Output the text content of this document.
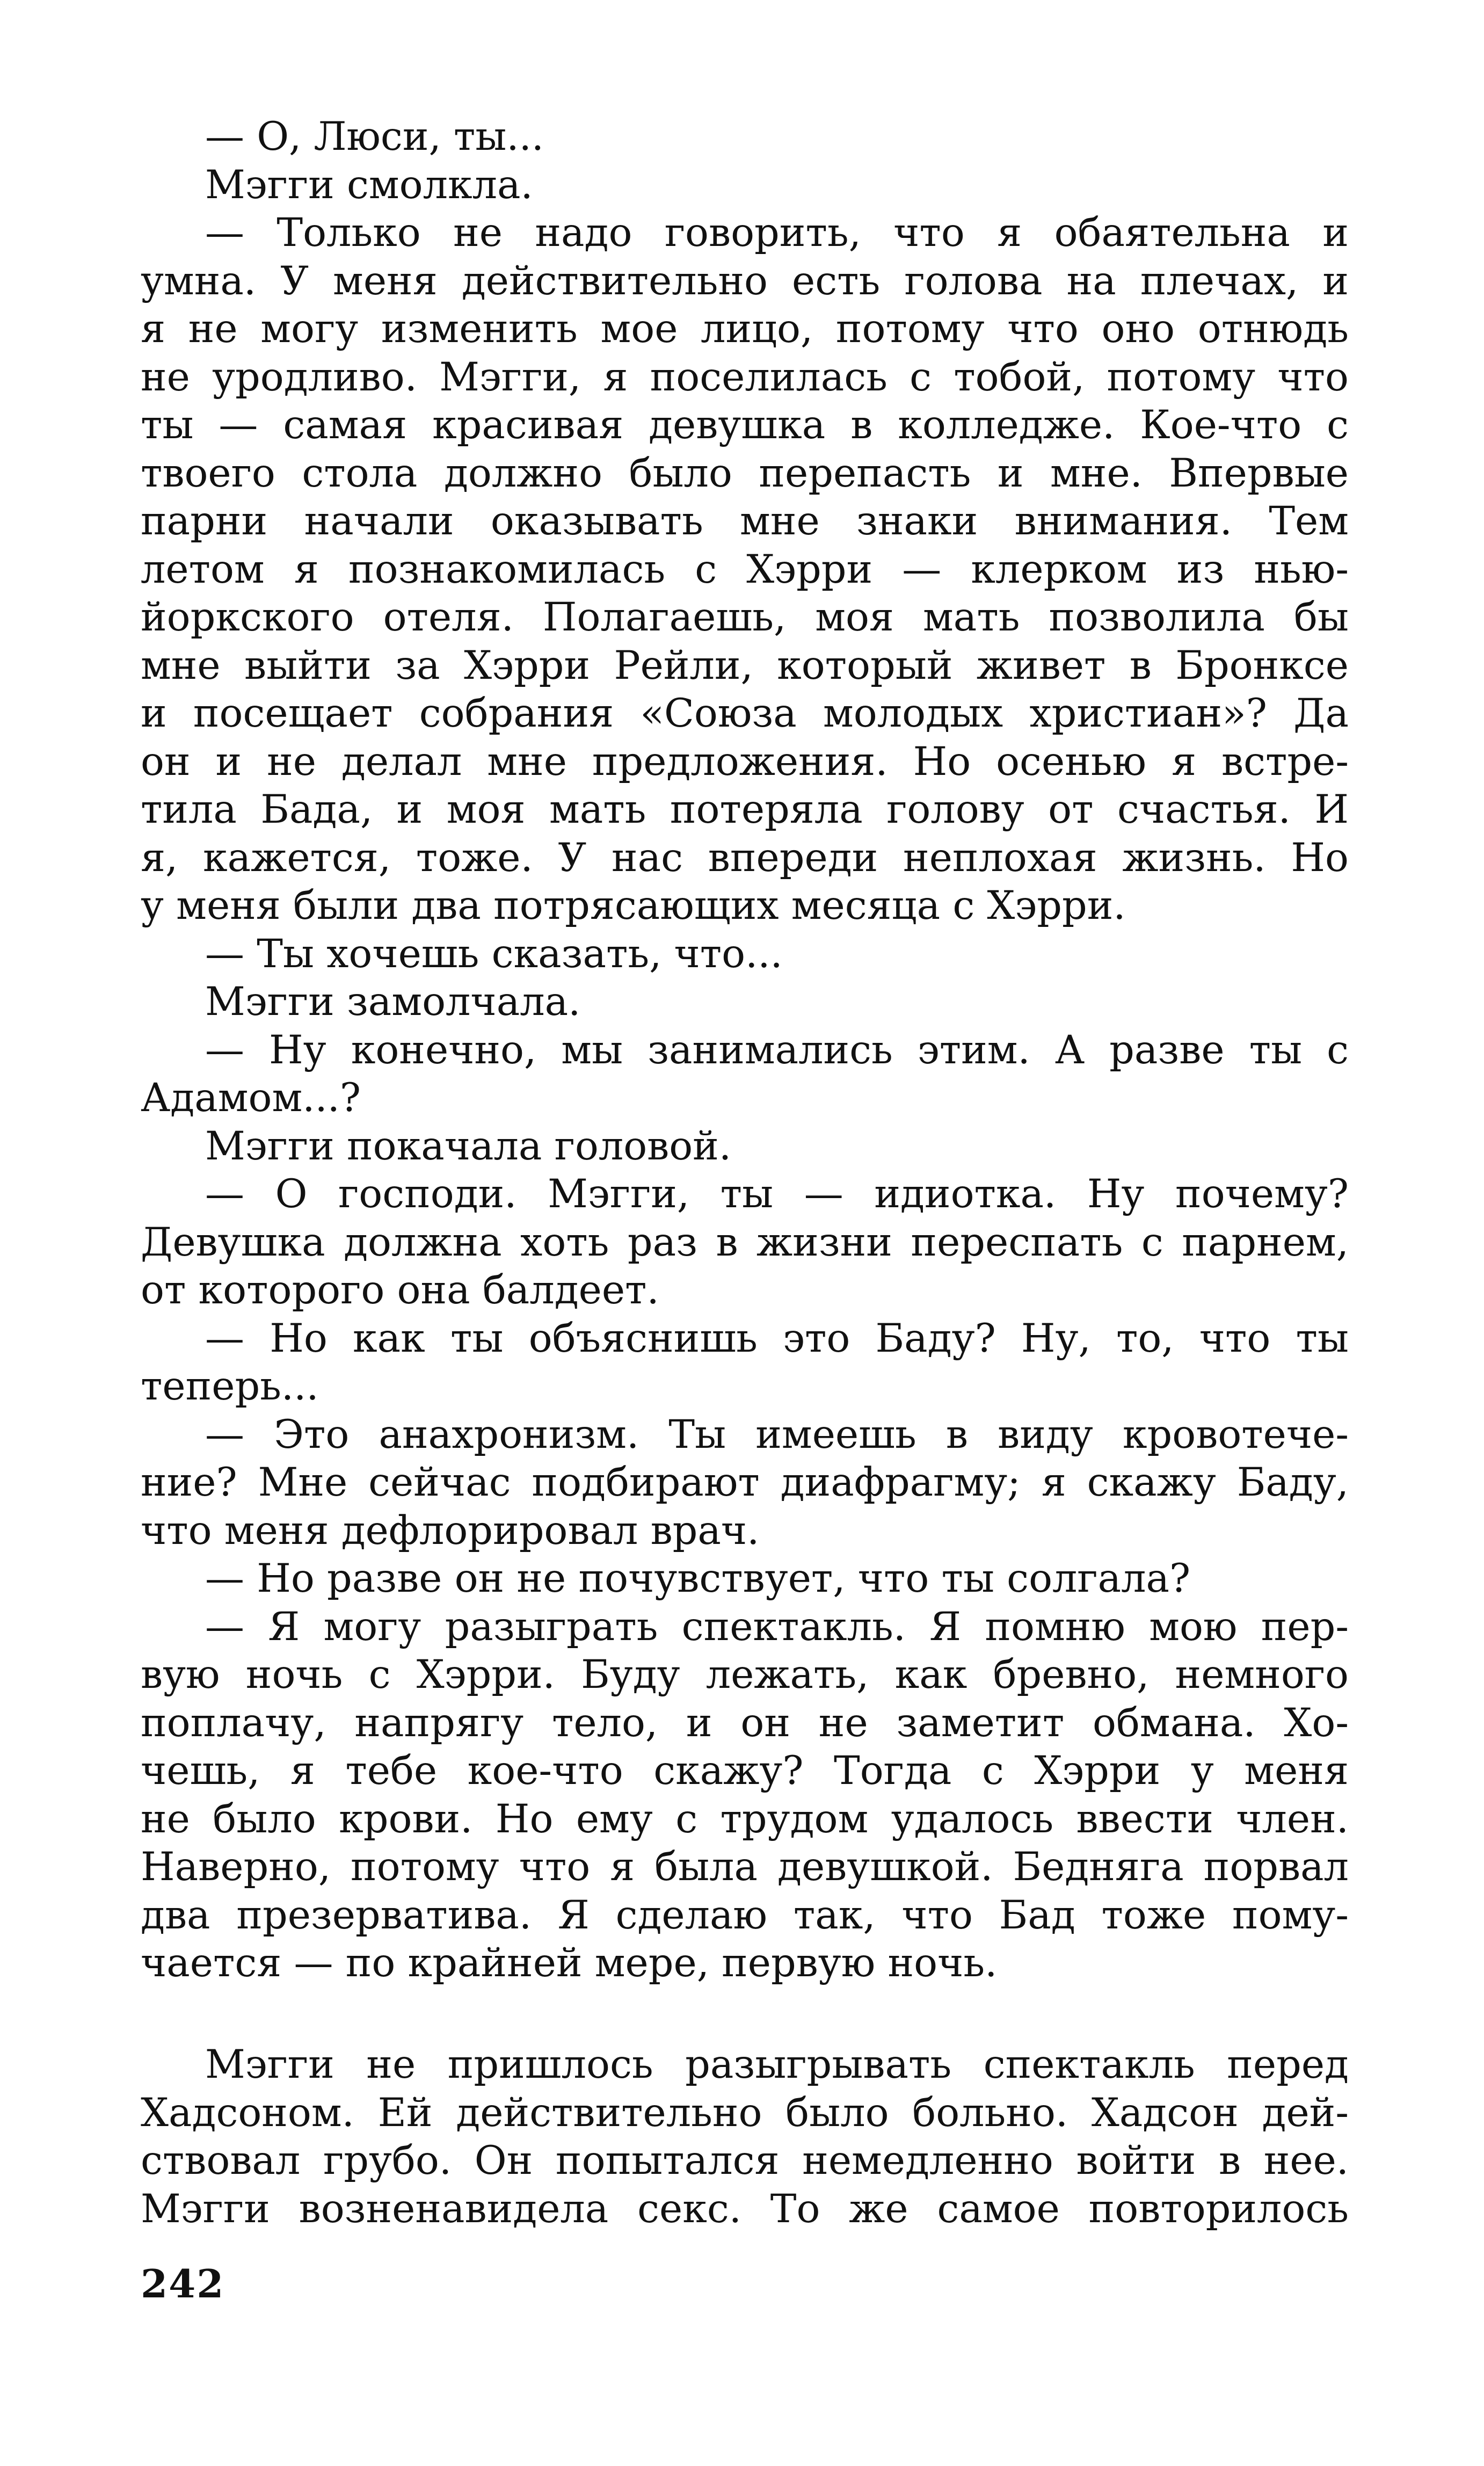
— О, Люси, ты...
Мэгги смолкла.
— Только не надо говорить, что я обаятельна и
умна. У меня действительно есть голова на плечах, и
я не могу изменить мое лицо, потому что оно отнюдь
не уродливо. Мэгги, я поселилась с тобой, потому что
ты — самая красивая девушка в колледже. Кое-что с
твоего стола должно было перепасть и мне. Впервые
парни начали оказывать мне знаки внимания. Тем
летом я познакомилась с Хэрри — клерком из нью-
йоркского отеля. Полагаешь, моя мать позволила бы
мне выйти за Хэрри Рейли, который живет в Бронксе
и посещает собрания «Союза молодых христиан»? Да
он и не делал мне предложения. Но осенью я встре-
тила Бада, и моя мать потеряла голову от счастья. И
я, кажется, тоже. У нас впереди неплохая жизнь. Но
у меня были два потрясающих месяца с Хэрри.
— Ты хочешь сказать, что...
Мэгги замолчала.
— Ну конечно, мы занимались этим. А разве ты с
Адамом...?
Мэгги покачала головой.
— О господи. Мэгги, ты — идиотка. Ну почему?
Девушка должна хоть раз в жизни переспать с парнем,
от которого она балдеет.
— Но как ты объяснишь это Баду? Ну, то, что ты
теперь...
— Это анахронизм. Ты имеешь в виду кровотече-
ние? Мне сейчас подбирают диафрагму; я скажу Баду,
что меня дефлорировал врач.
— Но разве он не почувствует, что ты солгала?
— Я могу разыграть спектакль. Я помню мою пер-
вую ночь с Хэрри. Буду лежать, как бревно, немного
поплачу, напрягу тело, и он не заметит обмана. Хо-
чешь, я тебе кое-что скажу? Тогда с Хэрри у меня
не было крови. Но ему с трудом удалось ввести член.
Наверно, потому что я была девушкой. Бедняга порвал
два презерватива. Я сделаю так, что Бад тоже пому-
чается — по крайней мере, первую ночь.
Мэгги не пришлось разыгрывать спектакль перед
Хадсоном. Ей действительно было больно. Хадсон дей-
ствовал грубо. Он попытался немедленно войти в нее.
Мэгги возненавидела секс. То же самое повторилось
242
